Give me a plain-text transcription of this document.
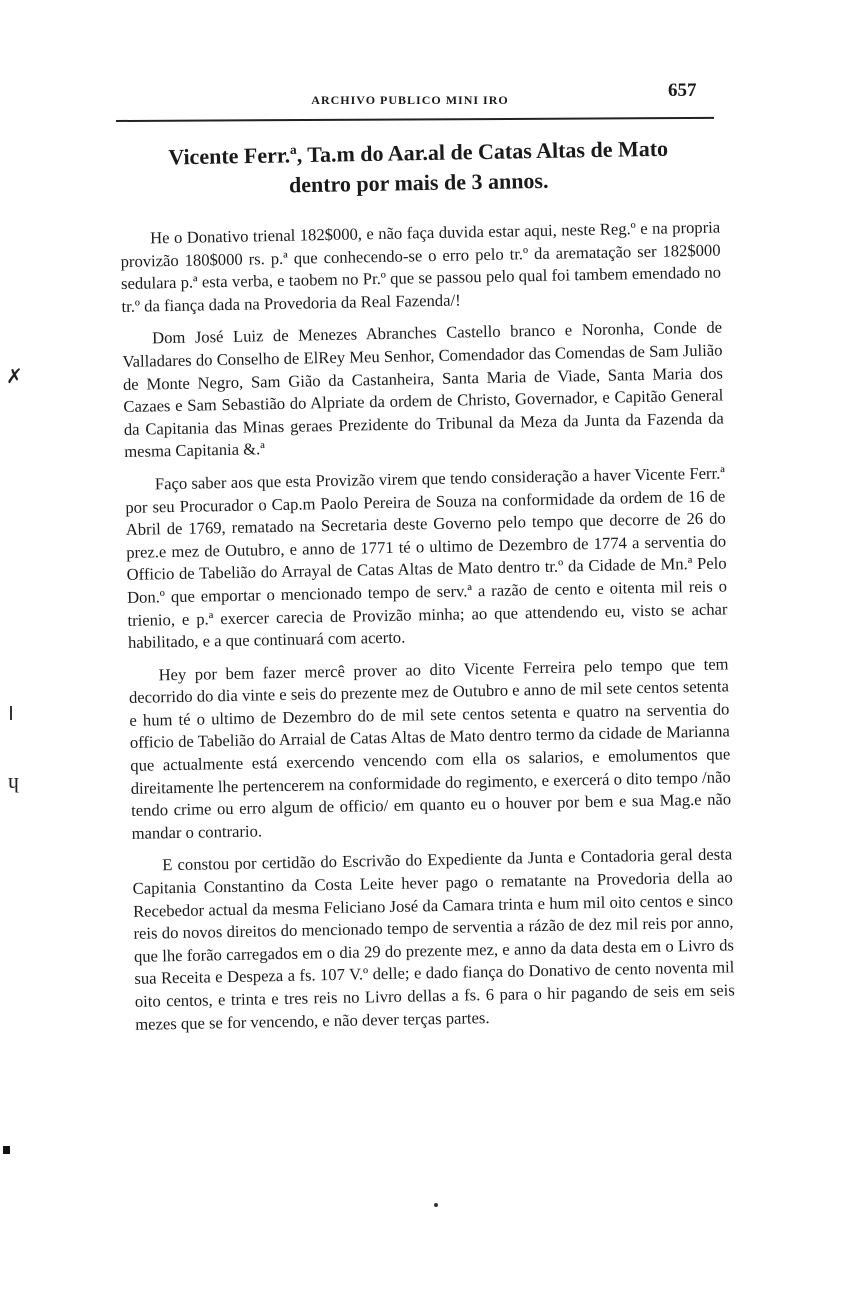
ARCHIVO PUBLICO MINI IRO	657
Vicente Ferr.ª, Ta.m do Aar.al de Catas Altas de Mato
dentro por mais de 3 annos.

He o Donativo trienal 182$000, e não faça duvida estar aqui, neste Reg.º e na propria provizão 180$000 rs. p.ª que conhecendo-se o erro pelo tr.º da arematação ser 182$000 sedulara p.ª esta verba, e taobem no Pr.º que se passou pelo qual foi tambem emendado no tr.º da fiança dada na Provedoria da Real Fazenda/!

Dom José Luiz de Menezes Abranches Castello branco e Noronha, Conde de Valladares do Conselho de ElRey Meu Senhor, Comendador das Comendas de Sam Julião de Monte Negro, Sam Gião da Castanheira, Santa Maria de Viade, Santa Maria dos Cazaes e Sam Sebastião do Alpriate da ordem de Christo, Governador, e Capitão General da Capitania das Minas geraes Prezidente do Tribunal da Meza da Junta da Fazenda da mesma Capitania &.ª

Faço saber aos que esta Provizão virem que tendo consideração a haver Vicente Ferr.ª por seu Procurador o Cap.m Paolo Pereira de Souza na conformidade da ordem de 16 de Abril de 1769, rematado na Secretaria deste Governo pelo tempo que decorre de 26 do prez.e mez de Outubro, e anno de 1771 té o ultimo de Dezembro de 1774 a serventia do Officio de Tabelião do Arrayal de Catas Altas de Mato dentro tr.º da Cidade de Mn.ª Pelo Don.º que emportar o mencionado tempo de serv.ª a razão de cento e oitenta mil reis o trienio, e p.ª exercer carecia de Provizão minha; ao que attendendo eu, visto se achar habilitado, e a que continuará com acerto.

Hey por bem fazer mercê prover ao dito Vicente Ferreira pelo tempo que tem decorrido do dia vinte e seis do prezente mez de Outubro e anno de mil sete centos setenta e hum té o ultimo de Dezembro do de mil sete centos setenta e quatro na serventia do officio de Tabelião do Arraial de Catas Altas de Mato dentro termo da cidade de Marianna que actualmente está exercendo vencendo com ella os salarios, e emolumentos que direitamente lhe pertencerem na conformidade do regimento, e exercerá o dito tempo /não tendo crime ou erro algum de officio/ em quanto eu o houver por bem e sua Mag.e não mandar o contrario.

E constou por certidão do Escrivão do Expediente da Junta e Contadoria geral desta Capitania Constantino da Costa Leite hever pago o rematante na Provedoria della ao Recebedor actual da mesma Feliciano José da Camara trinta e hum mil oito centos e sinco reis do novos direitos do mencionado tempo de serventia a rázão de dez mil reis por anno, que lhe forão carregados em o dia 29 do prezente mez, e anno da data desta em o Livro ds sua Receita e Despeza a fs. 107 V.º delle; e dado fiança do Donativo de cento noventa mil oito centos, e trinta e tres reis no Livro dellas a fs. 6 para o hir pagando de seis em seis mezes que se for vencendo, e não dever terças partes.

✗
ɥ
